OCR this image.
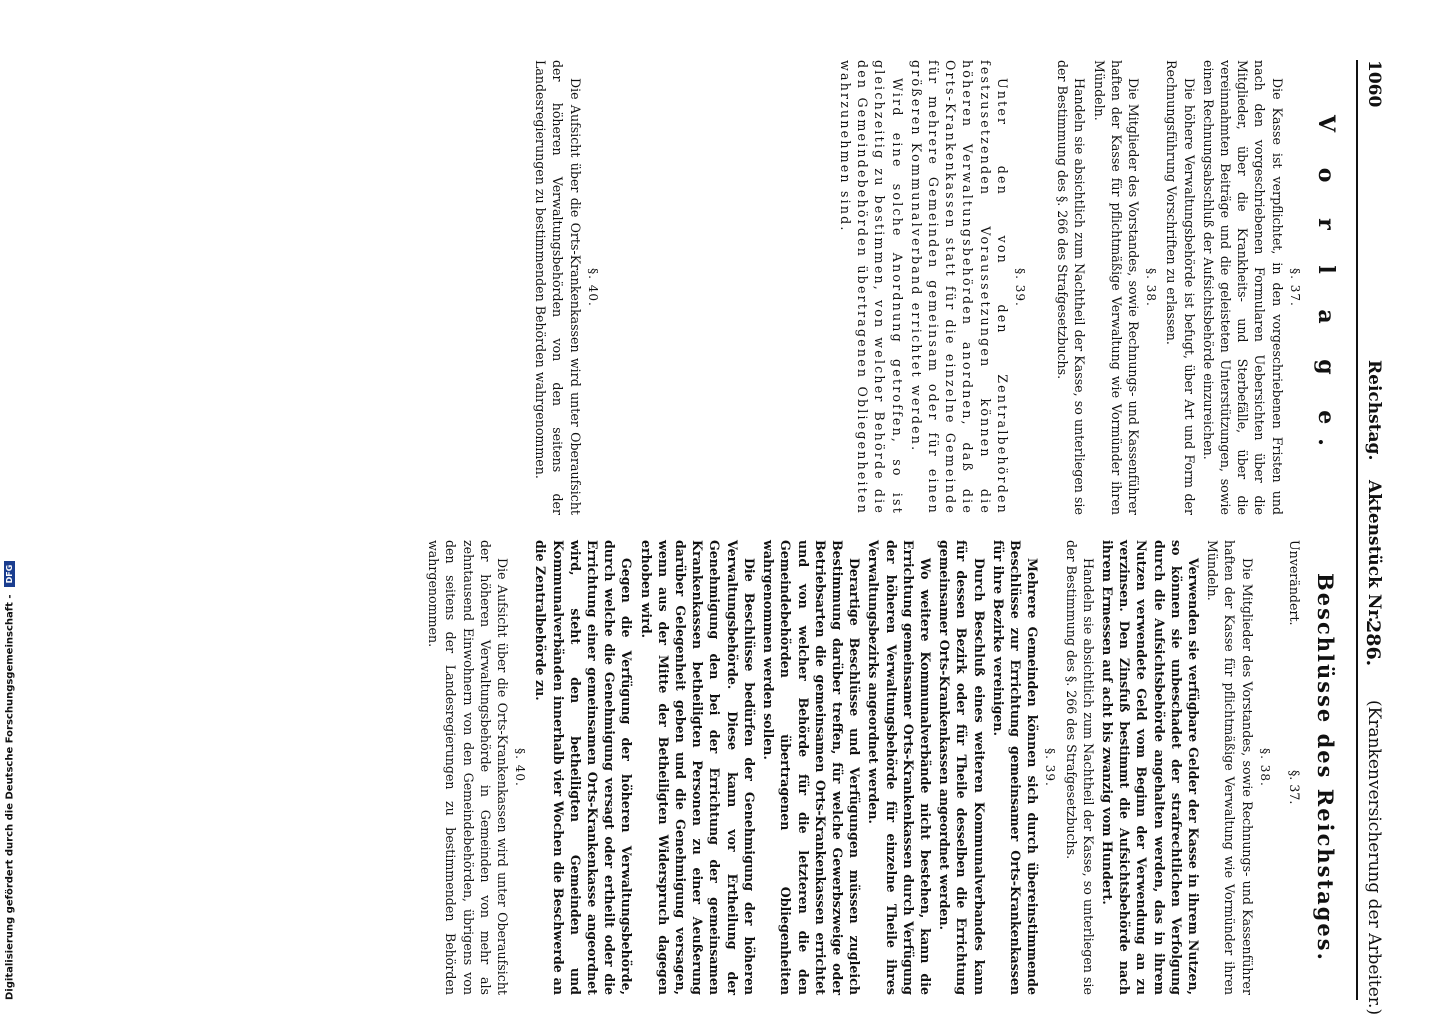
1060
Reichstag.
Aktenstück Nr.
286.
(Krankenversicherung der Arbeiter.)
V o r l a g e.
§. 37.

Die Kasse ist verpflichtet, in den vorgeschriebenen Fristen und nach den vorgeschriebenen Formularen Uebersichten über die Mitglieder, über die Krankheits- und Sterbefälle, über die vereinnahmten Beiträge und die geleisteten Unterstützungen, sowie einen Rechnungsabschluß der Aufsichtsbehörde einzureichen.

Die höhere Verwaltungsbehörde ist befugt, über Art und Form der Rechnungsführung Vorschriften zu erlassen.

§. 38.

Die Mitglieder des Vorstandes, sowie Rechnungs- und Kassenführer haften der Kasse für pflichtmäßige Verwaltung wie Vormünder ihren Mündeln.

Handeln sie absichtlich zum Nachtheil der Kasse, so unterliegen sie der Bestimmung des §. 266 des Strafgesetzbuchs.

§. 39.

Unter den von den Zentralbehörden festzusetzenden Voraussetzungen können die höheren Verwaltungsbehörden anordnen, daß die Orts-Krankenkassen statt für die einzelne Gemeinde für mehrere Gemeinden gemeinsam oder für einen größeren Kommunalverband errichtet werden.

Wird eine solche Anordnung getroffen, so ist gleichzeitig zu bestimmen, von welcher Behörde die den Gemeindebehörden übertragenen Obliegenheiten wahrzunehmen sind.

§. 40.

Die Aufsicht über die Orts-Krankenkassen wird unter Oberaufsicht der höheren Verwaltungsbehörden von den seitens der Landesregierungen zu bestimmenden Behörden wahrgenommen.

Beschlüsse des Reichstages.
Unverändert.
§. 37.
§. 38.

Die Mitglieder des Vorstandes, sowie Rechnungs- und Kassenführer haften der Kasse für pflichtmäßige Verwaltung wie Vormünder ihren Mündeln.

Verwenden sie verfügbare Gelder der Kasse in ihrem Nutzen, so können sie unbeschadet der strafrechtlichen Verfolgung durch die Aufsichtsbehörde angehalten werden, das in ihrem Nutzen verwendete Geld vom Beginn der Verwendung an zu verzinsen. Den Zinsfuß bestimmt die Aufsichtsbehörde nach ihrem Ermessen auf acht bis zwanzig vom Hundert.

Handeln sie absichtlich zum Nachtheil der Kasse, so unterliegen sie der Bestimmung des §. 266 des Strafgesetzbuchs.

§. 39.

Mehrere Gemeinden können sich durch übereinstimmende Beschlüsse zur Errichtung gemeinsamer Orts-Krankenkassen für ihre Bezirke vereinigen.

Durch Beschluß eines weiteren Kommunalverbandes kann für dessen Bezirk oder für Theile desselben die Errichtung gemeinsamer Orts-Krankenkassen angeordnet werden.

Wo weitere Kommunalverbände nicht bestehen, kann die Errichtung gemeinsamer Orts-Krankenkassen durch Verfügung der höheren Verwaltungsbehörde für einzelne Theile ihres Verwaltungsbezirks angeordnet werden.

Derartige Beschlüsse und Verfügungen müssen zugleich Bestimmung darüber treffen, für welche Gewerbszweige oder Betriebsarten die gemeinsamen Orts-Krankenkassen errichtet und von welcher Behörde für die letzteren die den Gemeindebehörden übertragenen Obliegenheiten wahrgenommen werden sollen.

Die Beschlüsse bedürfen der Genehmigung der höheren Verwaltungsbehörde. Diese kann vor Ertheilung der Genehmigung den bei der Errichtung der gemeinsamen Krankenkassen betheiligten Personen zu einer Aeußerung darüber Gelegenheit geben und die Genehmigung versagen, wenn aus der Mitte der Betheiligten Widerspruch dagegen erhoben wird.

Gegen die Verfügung der höheren Verwaltungsbehörde, durch welche die Genehmigung versagt oder ertheilt oder die Errichtung einer gemeinsamen Orts-Krankenkasse angeordnet wird, steht den betheiligten Gemeinden und Kommunalverbänden innerhalb vier Wochen die Beschwerde an die Zentralbehörde zu.

§. 40.

Die Aufsicht über die Orts-Krankenkassen wird unter Oberaufsicht der höheren Verwaltungsbehörde in Gemeinden von mehr als zehntausend Einwohnern von den Gemeindebehörden, übrigens von den seitens der Landesregierungen zu bestimmenden Behörden wahrgenommen.

Digitalisierung gefördert durch die Deutsche Forschungsgemeinschaft - DFG
